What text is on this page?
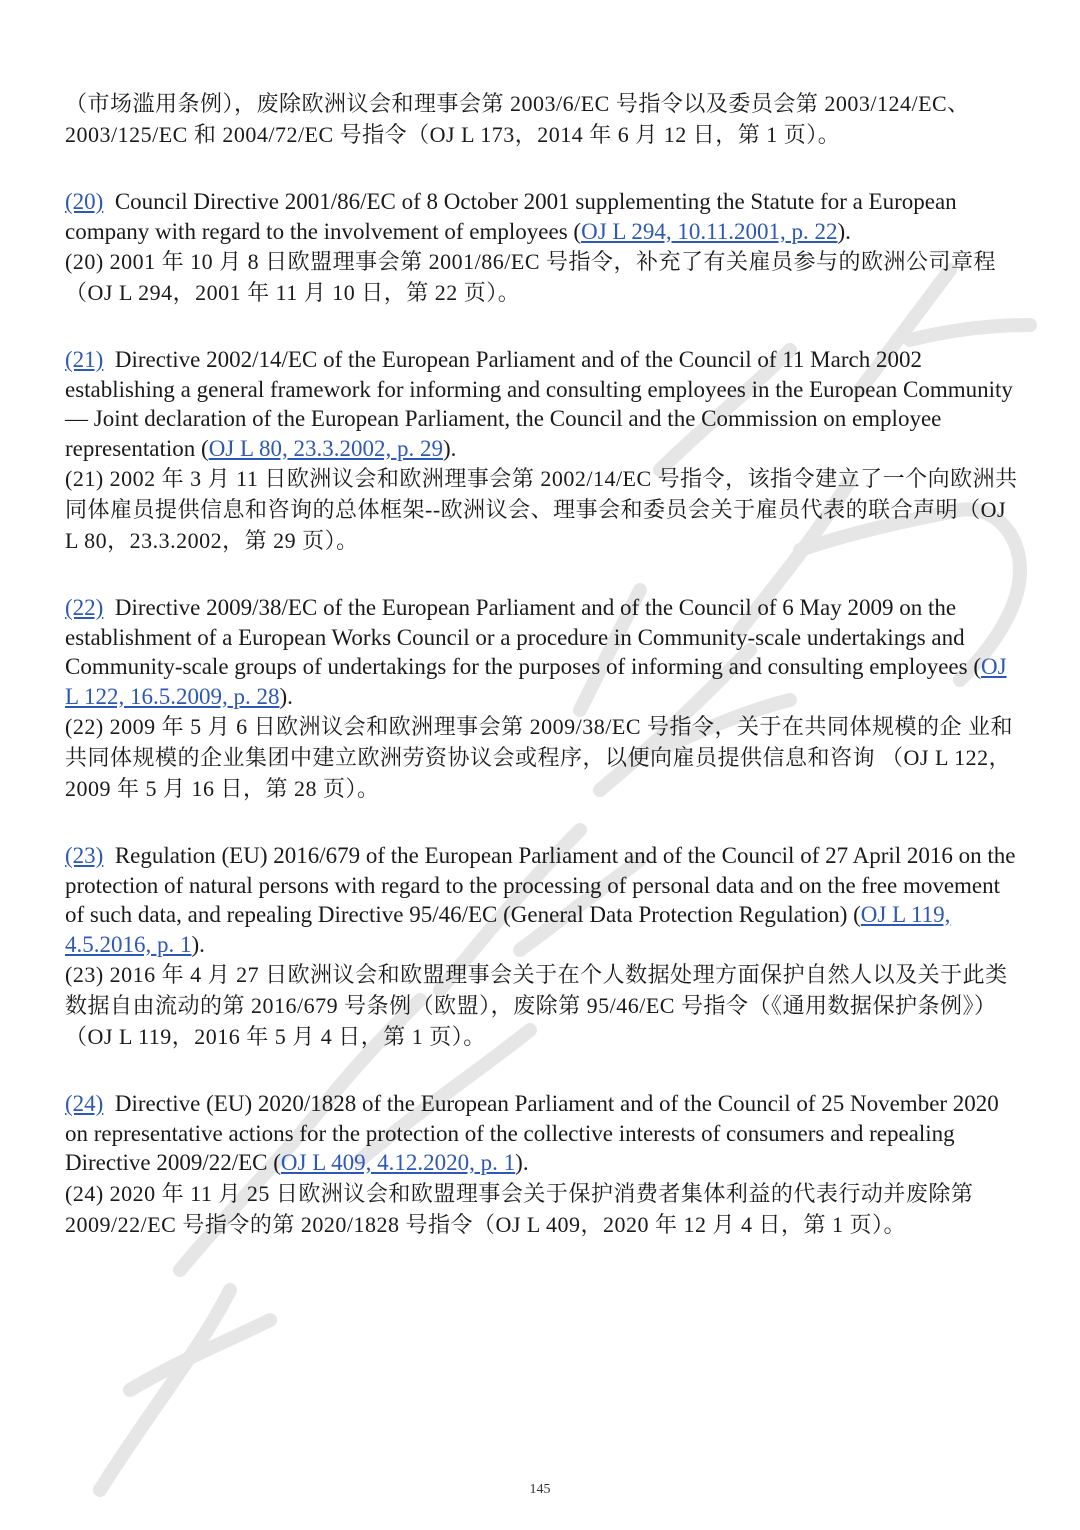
（市场滥用条例），废除欧洲议会和理事会第 2003/6/EC 号指令以及委员会第 2003/124/EC、2003/125/EC 和 2004/72/EC 号指令（OJ L 173，2014 年 6 月 12 日，第 1 页）。

(20) Council Directive 2001/86/EC of 8 October 2001 supplementing the Statute for a European company with regard to the involvement of employees (OJ L 294, 10.11.2001, p. 22).

(20) 2001 年 10 月 8 日欧盟理事会第 2001/86/EC 号指令，补充了有关雇员参与的欧洲公司章程 （OJ L 294，2001 年 11 月 10 日，第 22 页）。

(21) Directive 2002/14/EC of the European Parliament and of the Council of 11 March 2002 establishing a general framework for informing and consulting employees in the European Community — Joint declaration of the European Parliament, the Council and the Commission on employee representation (OJ L 80, 23.3.2002, p. 29).

(21) 2002 年 3 月 11 日欧洲议会和欧洲理事会第 2002/14/EC 号指令，该指令建立了一个向欧洲共同体雇员提供信息和咨询的总体框架--欧洲议会、理事会和委员会关于雇员代表的联合声明（OJ L 80，23.3.2002，第 29 页）。

(22) Directive 2009/38/EC of the European Parliament and of the Council of 6 May 2009 on the establishment of a European Works Council or a procedure in Community-scale undertakings and Community-scale groups of undertakings for the purposes of informing and consulting employees (OJ L 122, 16.5.2009, p. 28).

(22) 2009 年 5 月 6 日欧洲议会和欧洲理事会第 2009/38/EC 号指令，关于在共同体规模的企 业和共同体规模的企业集团中建立欧洲劳资协议会或程序，以便向雇员提供信息和咨询 （OJ L 122，2009 年 5 月 16 日，第 28 页）。

(23) Regulation (EU) 2016/679 of the European Parliament and of the Council of 27 April 2016 on the protection of natural persons with regard to the processing of personal data and on the free movement of such data, and repealing Directive 95/46/EC (General Data Protection Regulation) (OJ L 119, 4.5.2016, p. 1).

(23) 2016 年 4 月 27 日欧洲议会和欧盟理事会关于在个人数据处理方面保护自然人以及关于此类数据自由流动的第 2016/679 号条例（欧盟），废除第 95/46/EC 号指令（《通用数据保护条例》）（OJ L 119，2016 年 5 月 4 日，第 1 页）。

(24) Directive (EU) 2020/1828 of the European Parliament and of the Council of 25 November 2020 on representative actions for the protection of the collective interests of consumers and repealing Directive 2009/22/EC (OJ L 409, 4.12.2020, p. 1).

(24) 2020 年 11 月 25 日欧洲议会和欧盟理事会关于保护消费者集体利益的代表行动并废除第 2009/22/EC 号指令的第 2020/1828 号指令（OJ L 409，2020 年 12 月 4 日，第 1 页）。

145
